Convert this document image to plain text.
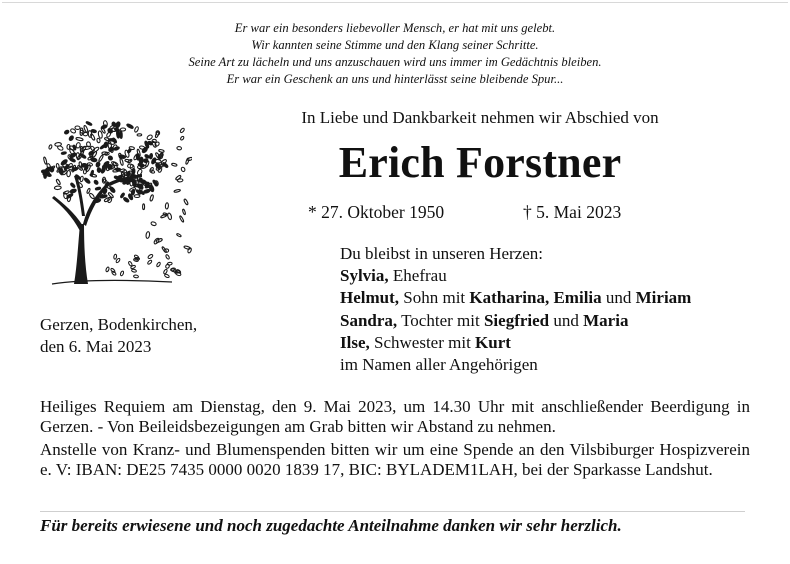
Er war ein besonders liebevoller Mensch, er hat mit uns gelebt.
Wir kannten seine Stimme und den Klang seiner Schritte.
Seine Art zu lächeln und uns anzuschauen wird uns immer im Gedächtnis bleiben.
Er war ein Geschenk an uns und hinterlässt seine bleibende Spur...
In Liebe und Dankbarkeit nehmen wir Abschied von
Erich Forstner
* 27. Oktober 1950	† 5. Mai 2023
Gerzen, Bodenkirchen,
den 6. Mai 2023
Du bleibst in unseren Herzen:
Sylvia, Ehefrau
Helmut, Sohn mit Katharina, Emilia und Miriam
Sandra, Tochter mit Siegfried und Maria
Ilse, Schwester mit Kurt
im Namen aller Angehörigen

Heiliges Requiem am Dienstag, den 9. Mai 2023, um 14.30 Uhr mit anschließender Beerdigung in Gerzen. - Von Beileidsbezeigungen am Grab bitten wir Abstand zu nehmen.

Anstelle von Kranz- und Blumenspenden bitten wir um eine Spende an den Vilsbiburger Hospizverein e. V: IBAN: DE25 7435 0000 0020 1839 17, BIC: BYLADEM1LAH, bei der Sparkasse Landshut.

Für bereits erwiesene und noch zugedachte Anteilnahme danken wir sehr herzlich.
